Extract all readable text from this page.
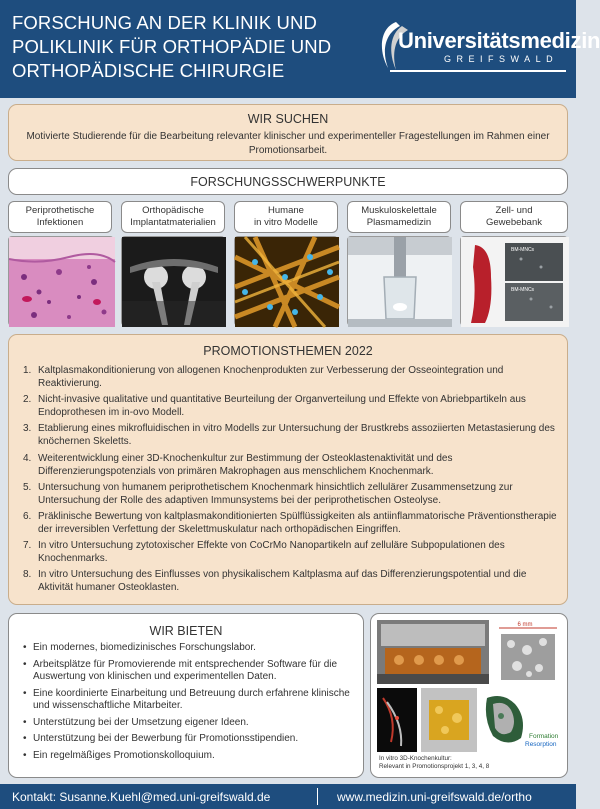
FORSCHUNG AN DER KLINIK UND
POLIKLINIK FÜR ORTHOPÄDIE UND
ORTHOPÄDISCHE CHIRURGIE
Universitätsmedizin
GREIFSWALD
WIR SUCHEN
Motivierte Studierende für die Bearbeitung relevanter klinischer und experimenteller Fragestellungen im Rahmen einer Promotionsarbeit.
FORSCHUNGSSCHWERPUNKTE
Periprothetische
Infektionen
Orthopädische
Implantatmaterialien
Humane
in vitro Modelle
Muskuloskelettale
Plasmamedizin
Zell- und
Gewebebank
BM-MNCs
BM-MNCs
PROMOTIONSTHEMEN 2022
1. Kaltplasmakonditionierung von allogenen Knochenprodukten zur Verbesserung der Osseointegration und Reaktivierung.
2. Nicht-invasive qualitative und quantitative Beurteilung der Organverteilung und Effekte von Abriebpartikeln aus Endoprothesen im in-ovo Modell.
3. Etablierung eines mikrofluidischen in vitro Modells zur Untersuchung der Brustkrebs assoziierten Metastasierung des knöchernen Skeletts.
4. Weiterentwicklung einer 3D-Knochenkultur zur Bestimmung der Osteoklastenaktivität und des Differenzierungspotenzials von primären Makrophagen aus menschlichem Knochenmark.
5. Untersuchung von humanem periprothetischem Knochenmark hinsichtlich zellulärer Zusammensetzung zur Untersuchung der Rolle des adaptiven Immunsystems bei der periprothetischen Osteolyse.
6. Präklinische Bewertung von kaltplasmakonditionierten Spülflüssigkeiten als antiinflammatorische Präventionstherapie der irreversiblen Verfettung der Skelettmuskulatur nach orthopädischen Eingriffen.
7. In vitro Untersuchung zytotoxischer Effekte von CoCrMo Nanopartikeln auf zelluläre Subpopulationen des Knochenmarks.
8. In vitro Untersuchung des Einflusses von physikalischem Kaltplasma auf das Differenzierungspotential und die Aktivität humaner Osteoklasten.
WIR BIETEN
• Ein modernes, biomedizinisches Forschungslabor.
• Arbeitsplätze für Promovierende mit entsprechender Software für die Auswertung von klinischen und experimentellen Daten.
• Eine koordinierte Einarbeitung und Betreuung durch erfahrene klinische und wissenschaftliche Mitarbeiter.
• Unterstützung bei der Umsetzung eigener Ideen.
• Unterstützung bei der Bewerbung für Promotionsstipendien.
• Ein regelmäßiges Promotionskolloquium.
6 mm
Formation
Resorption
In vitro 3D-Knochenkultur:
Relevant in Promotionsprojekt 1, 3, 4, 8
Kontakt: Susanne.Kuehl@med.uni-greifswald.de	www.medizin.uni-greifswald.de/ortho
